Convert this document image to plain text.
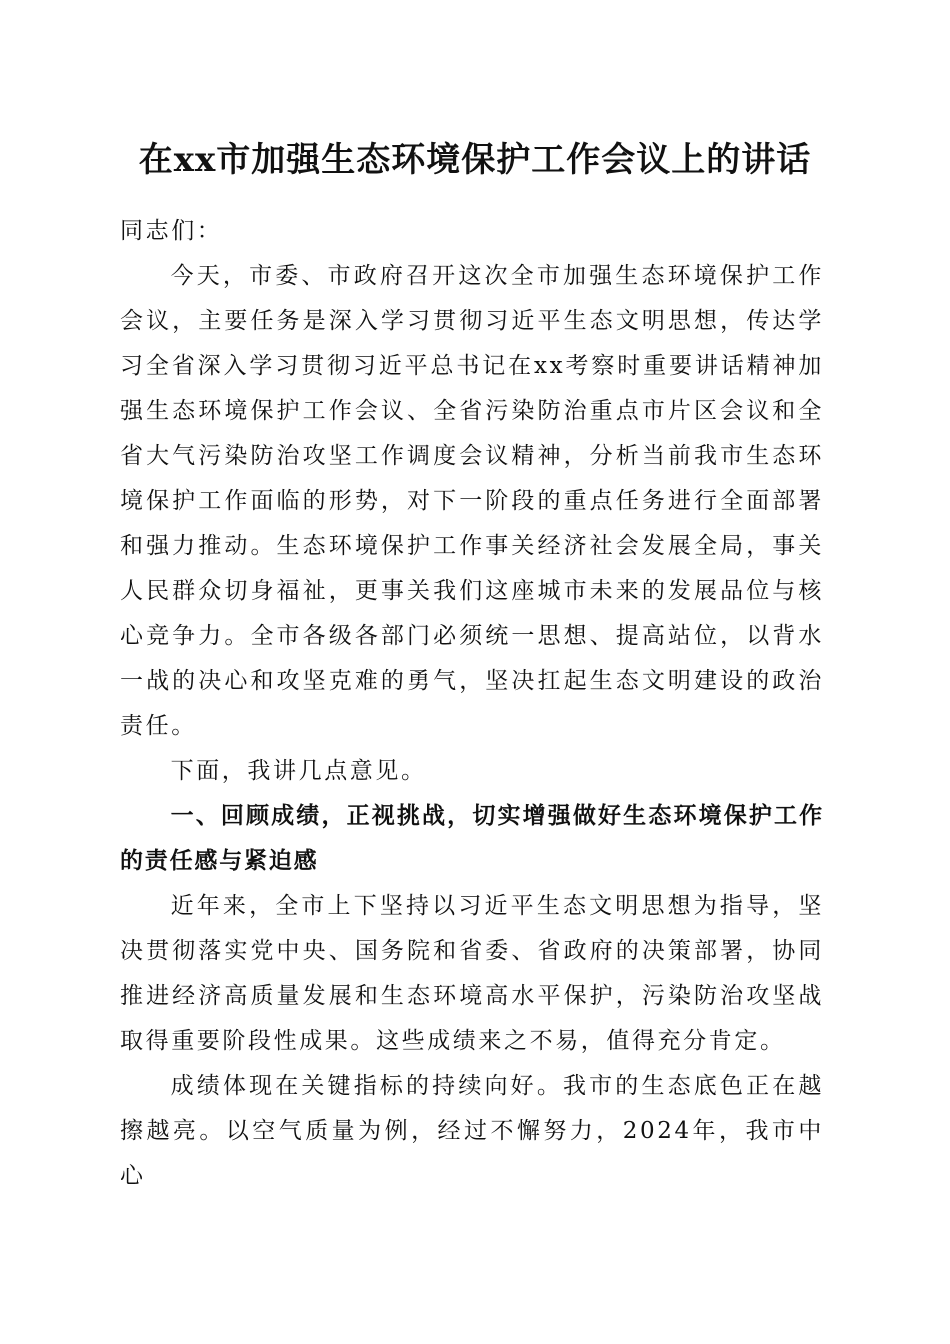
在xx市加强生态环境保护工作会议上的讲话

同志们：

今天，市委、市政府召开这次全市加强生态环境保护工作会议，主要任务是深入学习贯彻习近平生态文明思想，传达学习全省深入学习贯彻习近平总书记在xx考察时重要讲话精神加强生态环境保护工作会议、全省污染防治重点市片区会议和全省大气污染防治攻坚工作调度会议精神，分析当前我市生态环境保护工作面临的形势，对下一阶段的重点任务进行全面部署和强力推动。生态环境保护工作事关经济社会发展全局，事关人民群众切身福祉，更事关我们这座城市未来的发展品位与核心竞争力。全市各级各部门必须统一思想、提高站位，以背水一战的决心和攻坚克难的勇气，坚决扛起生态文明建设的政治责任。

下面，我讲几点意见。

一、回顾成绩，正视挑战，切实增强做好生态环境保护工作的责任感与紧迫感

近年来，全市上下坚持以习近平生态文明思想为指导，坚决贯彻落实党中央、国务院和省委、省政府的决策部署，协同推进经济高质量发展和生态环境高水平保护，污染防治攻坚战取得重要阶段性成果。这些成绩来之不易，值得充分肯定。

成绩体现在关键指标的持续向好。我市的生态底色正在越擦越亮。以空气质量为例，经过不懈努力，2024年，我市中心
